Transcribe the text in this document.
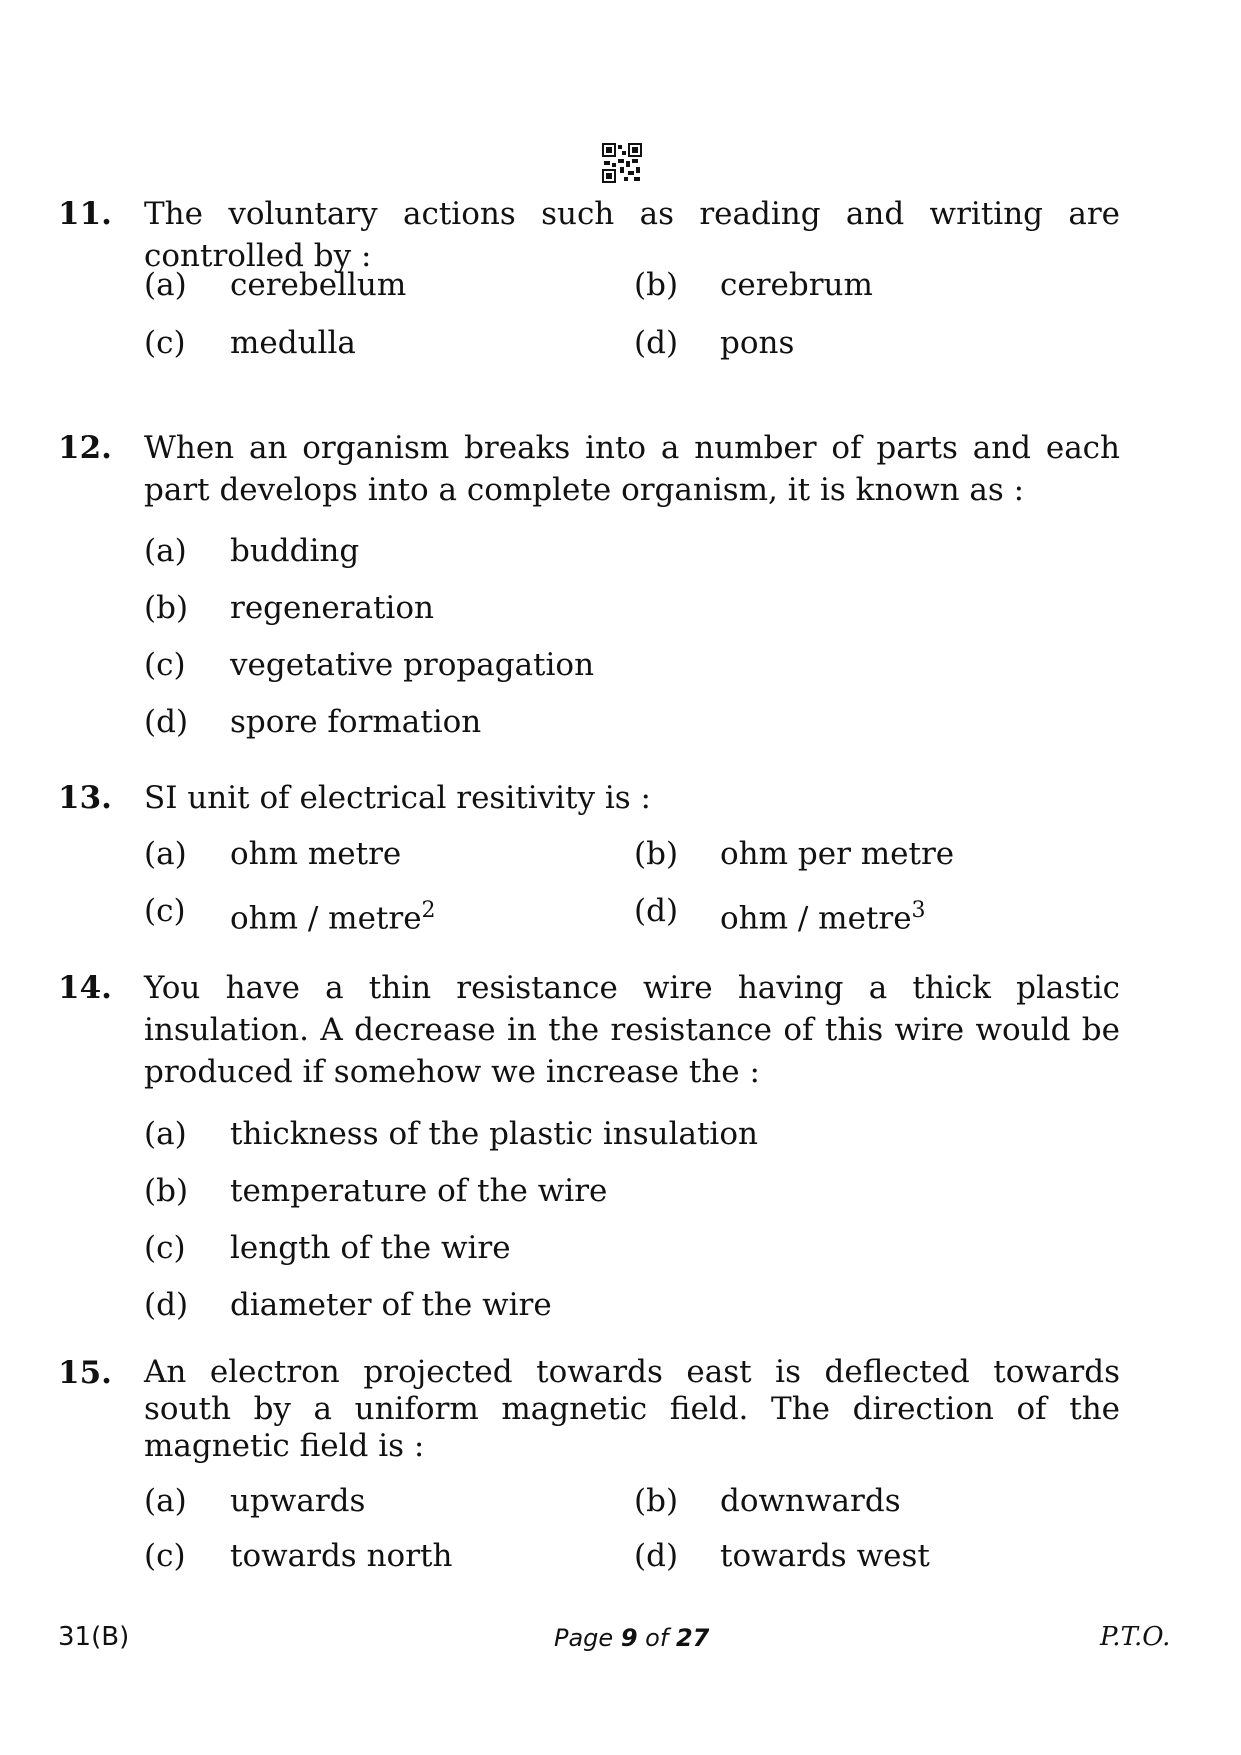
11. The voluntary actions such as reading and writing are controlled by :
(a) cerebellum	(b) cerebrum
(c) medulla	(d) pons
12. When an organism breaks into a number of parts and each part develops into a complete organism, it is known as :
(a) budding
(b) regeneration
(c) vegetative propagation
(d) spore formation
13. SI unit of electrical resitivity is :
(a) ohm metre	(b) ohm per metre
(c) ohm / metre$^2$	(d) ohm / metre$^3$
14. You have a thin resistance wire having a thick plastic insulation. A decrease in the resistance of this wire would be produced if somehow we increase the :
(a) thickness of the plastic insulation
(b) temperature of the wire
(c) length of the wire
(d) diameter of the wire
15. An electron projected towards east is deflected towards south by a uniform magnetic field. The direction of the magnetic field is :
(a) upwards	(b) downwards
(c) towards north	(d) towards west
31(B)	Page 9 of 27	P.T.O.
